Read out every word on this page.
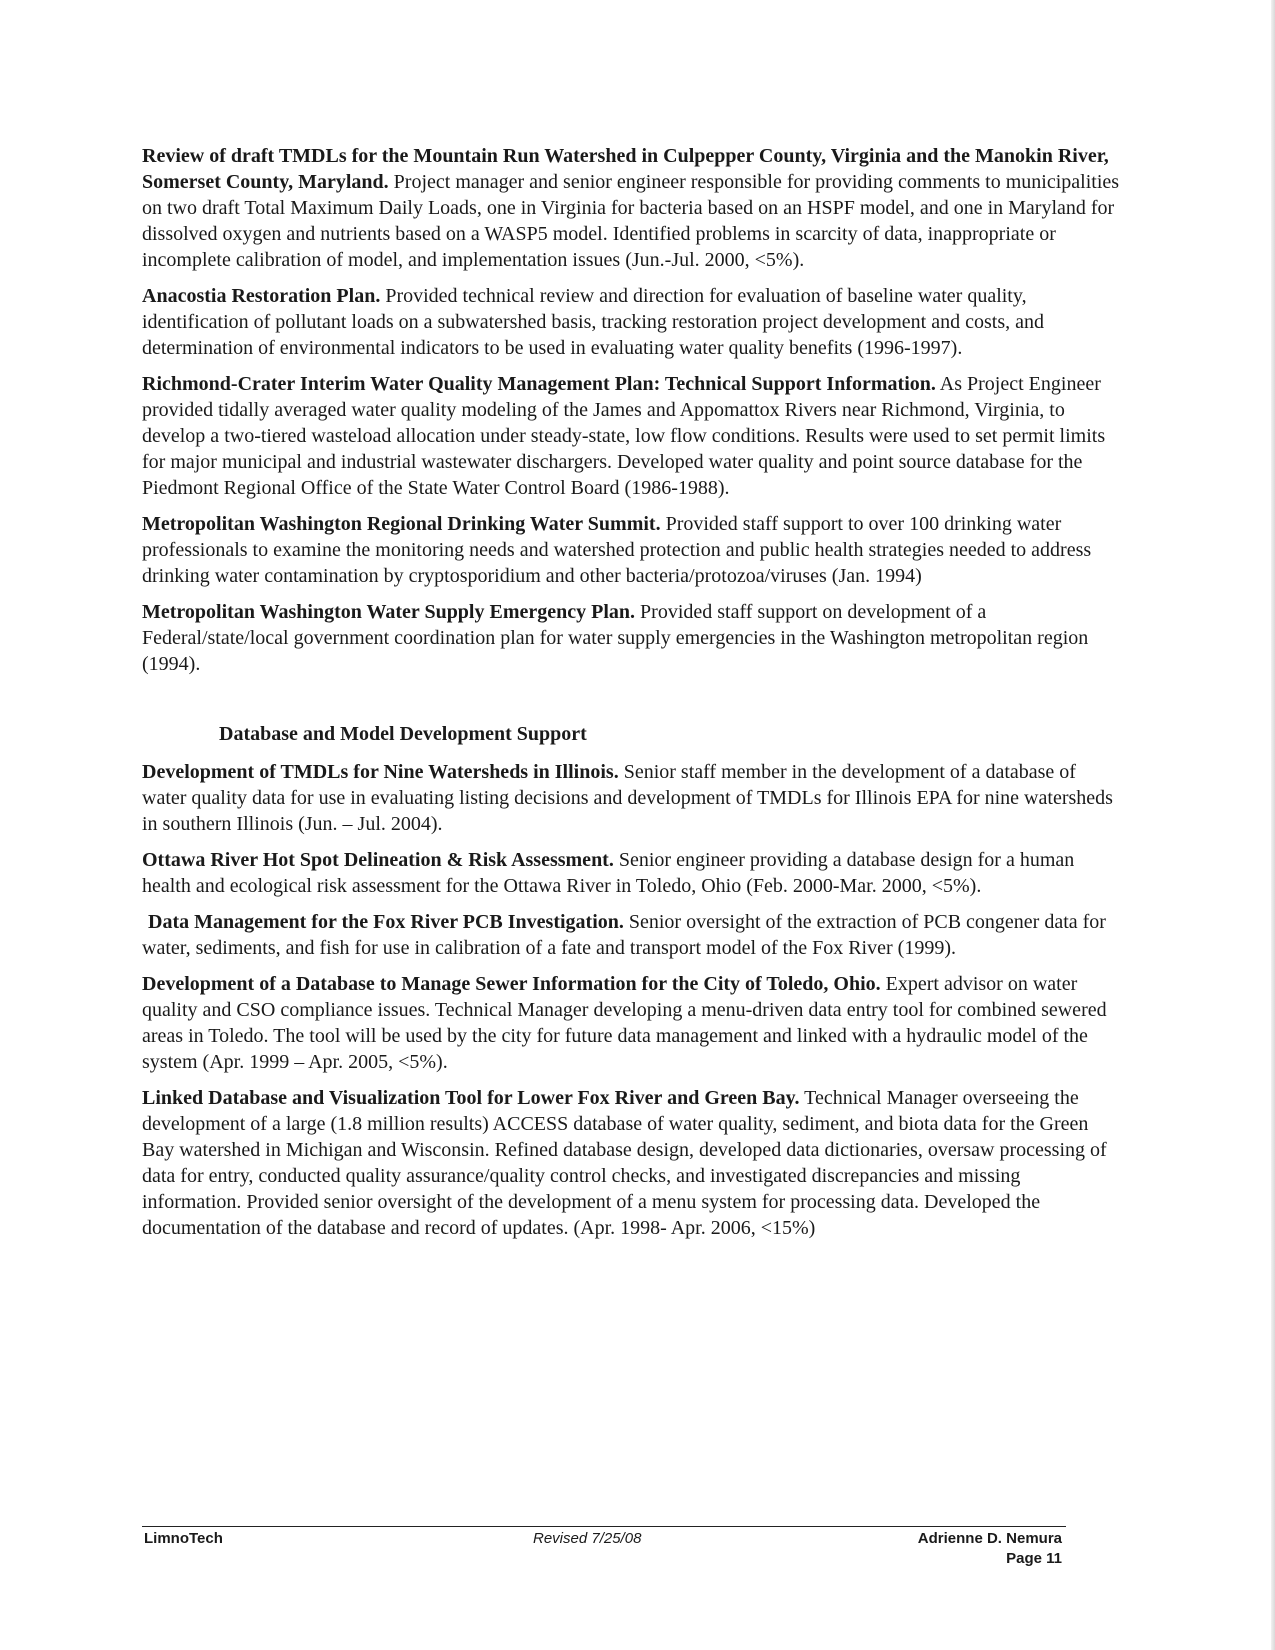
Review of draft TMDLs for the Mountain Run Watershed in Culpepper County, Virginia and the Manokin River, Somerset County, Maryland. Project manager and senior engineer responsible for providing comments to municipalities on two draft Total Maximum Daily Loads, one in Virginia for bacteria based on an HSPF model, and one in Maryland for dissolved oxygen and nutrients based on a WASP5 model. Identified problems in scarcity of data, inappropriate or incomplete calibration of model, and implementation issues (Jun.-Jul. 2000, <5%).

Anacostia Restoration Plan. Provided technical review and direction for evaluation of baseline water quality, identification of pollutant loads on a subwatershed basis, tracking restoration project development and costs, and determination of environmental indicators to be used in evaluating water quality benefits (1996-1997).

Richmond-Crater Interim Water Quality Management Plan: Technical Support Information. As Project Engineer provided tidally averaged water quality modeling of the James and Appomattox Rivers near Richmond, Virginia, to develop a two-tiered wasteload allocation under steady-state, low flow conditions. Results were used to set permit limits for major municipal and industrial wastewater dischargers. Developed water quality and point source database for the Piedmont Regional Office of the State Water Control Board (1986-1988).

Metropolitan Washington Regional Drinking Water Summit. Provided staff support to over 100 drinking water professionals to examine the monitoring needs and watershed protection and public health strategies needed to address drinking water contamination by cryptosporidium and other bacteria/protozoa/viruses (Jan. 1994)

Metropolitan Washington Water Supply Emergency Plan. Provided staff support on development of a Federal/state/local government coordination plan for water supply emergencies in the Washington metropolitan region (1994).

Database and Model Development Support

Development of TMDLs for Nine Watersheds in Illinois. Senior staff member in the development of a database of water quality data for use in evaluating listing decisions and development of TMDLs for Illinois EPA for nine watersheds in southern Illinois (Jun. – Jul. 2004).

Ottawa River Hot Spot Delineation & Risk Assessment. Senior engineer providing a database design for a human health and ecological risk assessment for the Ottawa River in Toledo, Ohio (Feb. 2000-Mar. 2000, <5%).

Data Management for the Fox River PCB Investigation. Senior oversight of the extraction of PCB congener data for water, sediments, and fish for use in calibration of a fate and transport model of the Fox River (1999).

Development of a Database to Manage Sewer Information for the City of Toledo, Ohio. Expert advisor on water quality and CSO compliance issues. Technical Manager developing a menu-driven data entry tool for combined sewered areas in Toledo. The tool will be used by the city for future data management and linked with a hydraulic model of the system (Apr. 1999 – Apr. 2005, <5%).

Linked Database and Visualization Tool for Lower Fox River and Green Bay. Technical Manager overseeing the development of a large (1.8 million results) ACCESS database of water quality, sediment, and biota data for the Green Bay watershed in Michigan and Wisconsin. Refined database design, developed data dictionaries, oversaw processing of data for entry, conducted quality assurance/quality control checks, and investigated discrepancies and missing information. Provided senior oversight of the development of a menu system for processing data. Developed the documentation of the database and record of updates. (Apr. 1998- Apr. 2006, <15%)

LimnoTech	Revised 7/25/08	Adrienne D. Nemura
Page 11
